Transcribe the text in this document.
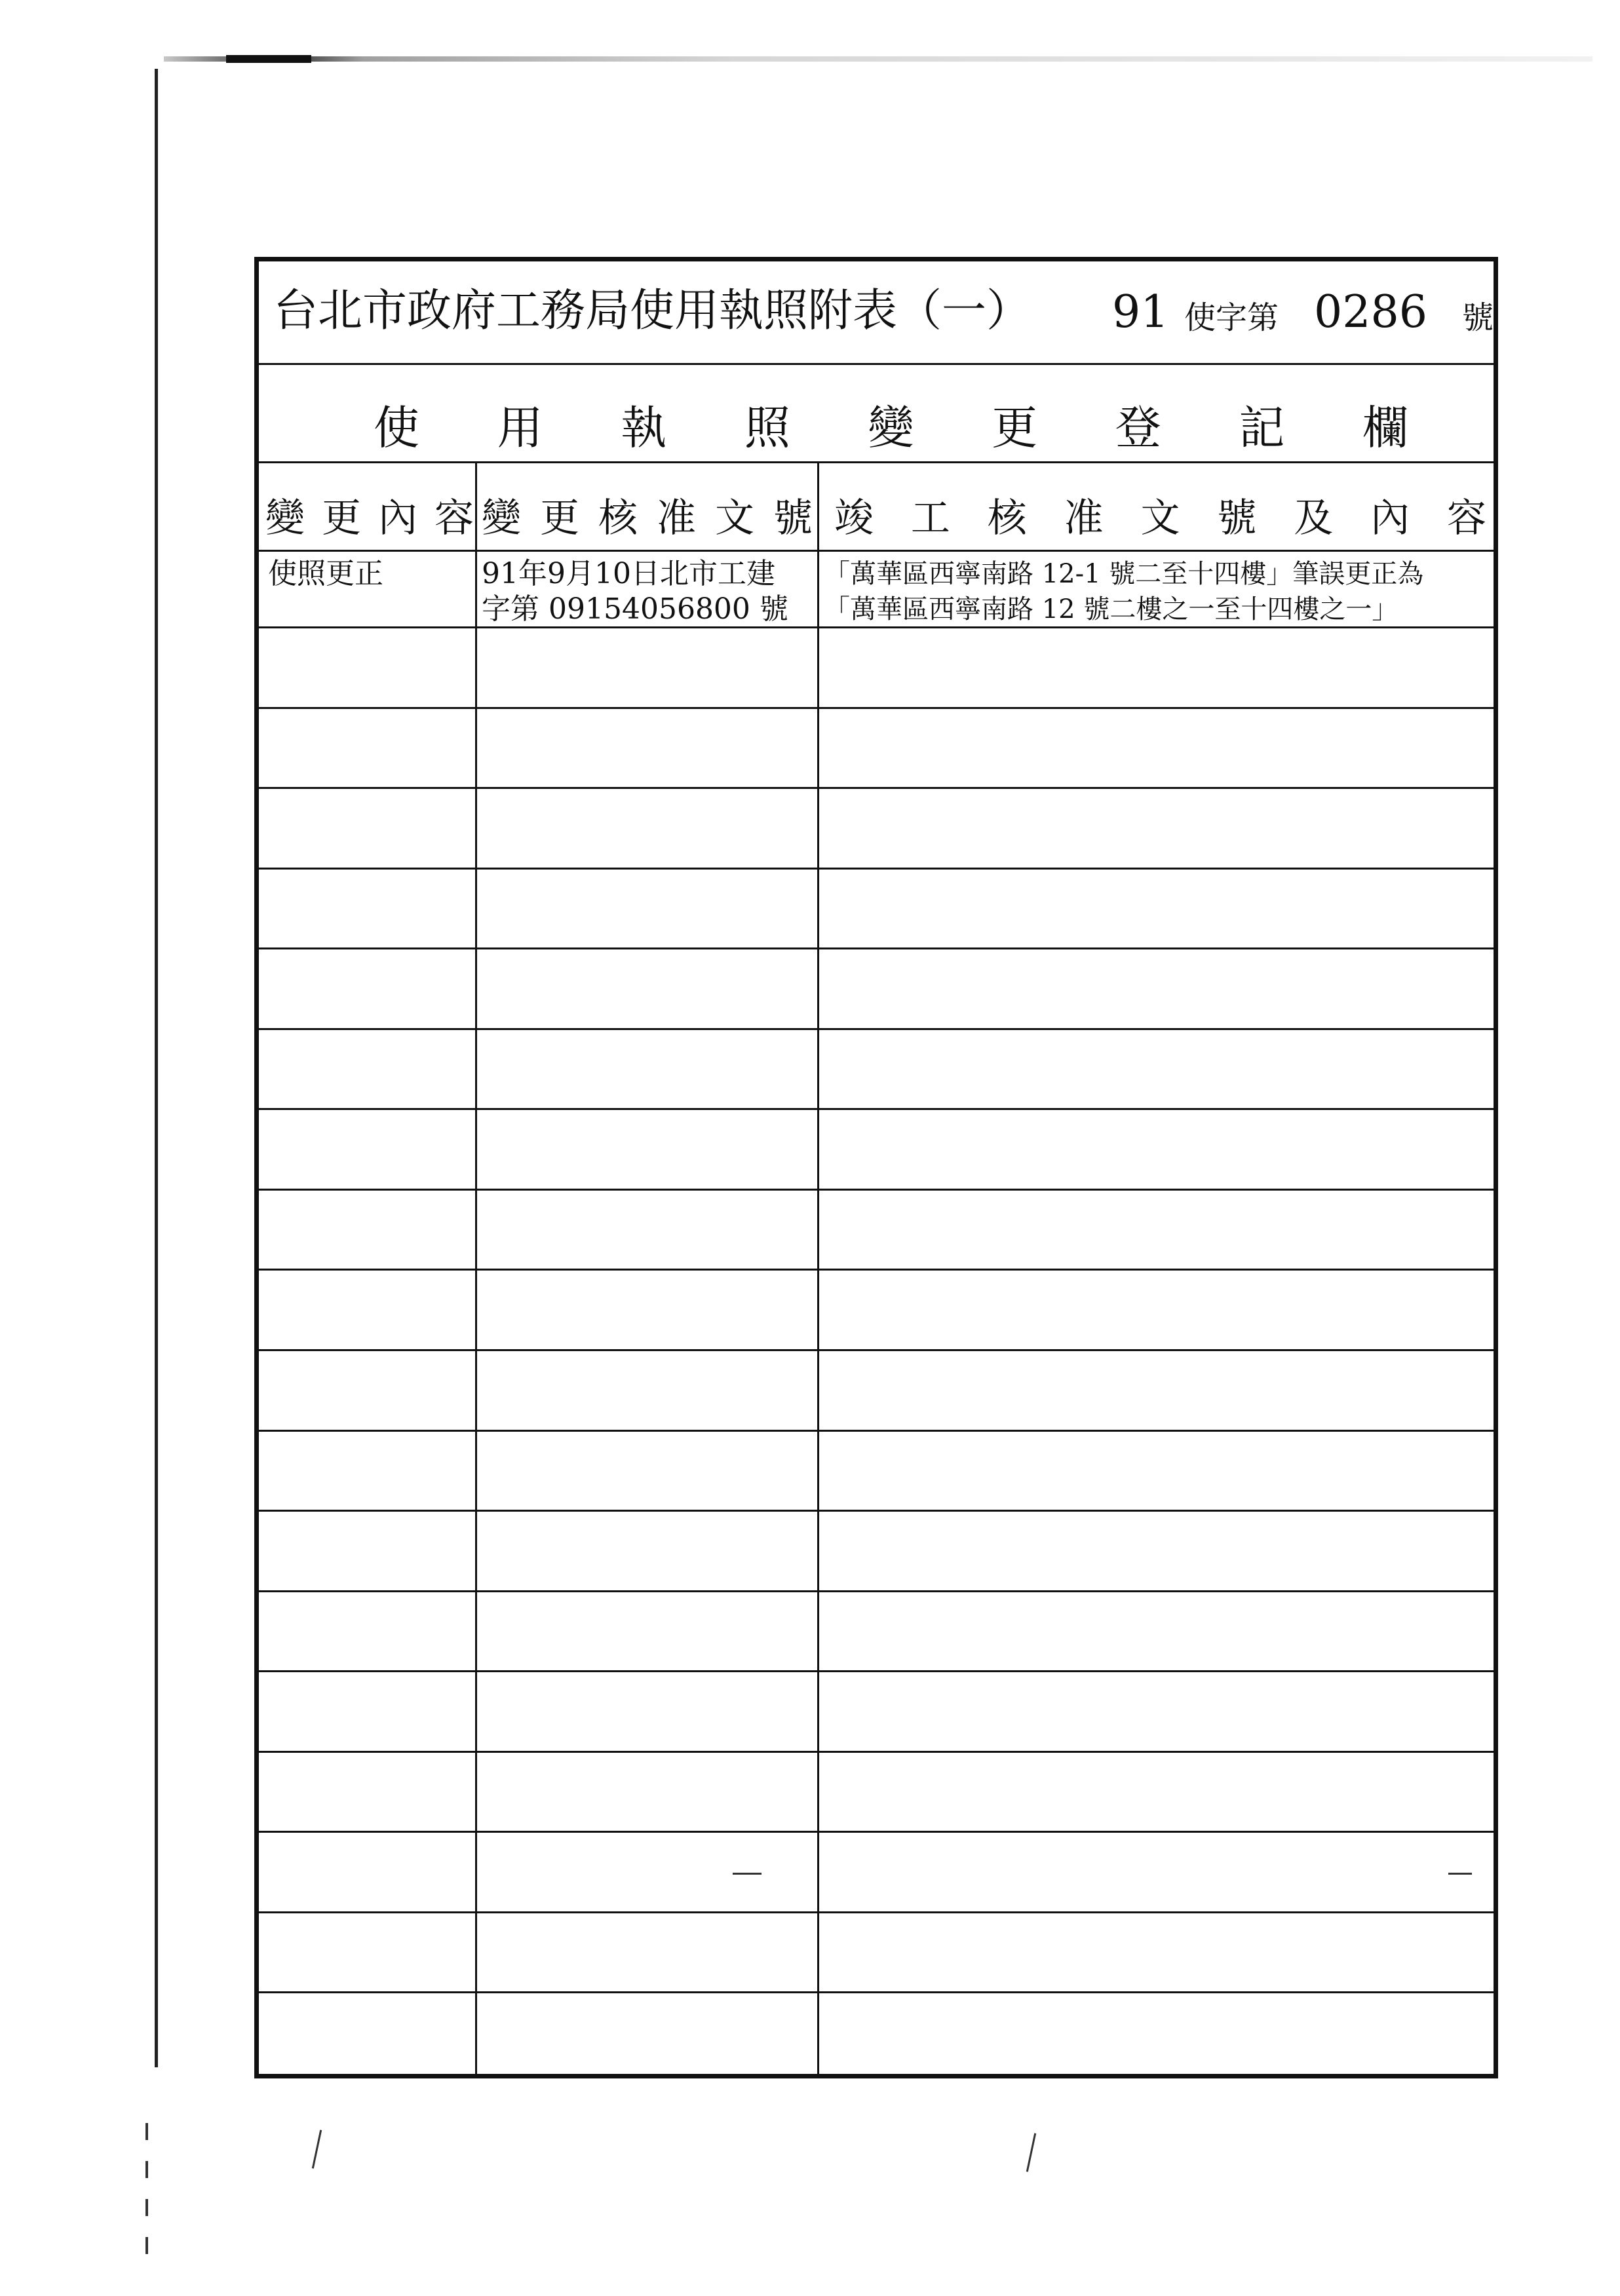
台北市政府工務局使用執照附表（一） 91 使字第 0286 號
使 用 執 照 變 更 登 記 欄
變 更 內 容 變 更 核 准 文 號 竣 工 核 准 文 號 及 內 容
使照更正	91年9月10日北市工建
字第 09154056800 號
「萬華區西寧南路 12-1 號二至十四樓」筆誤更正為
「萬華區西寧南路 12 號二樓之一至十四樓之一」
